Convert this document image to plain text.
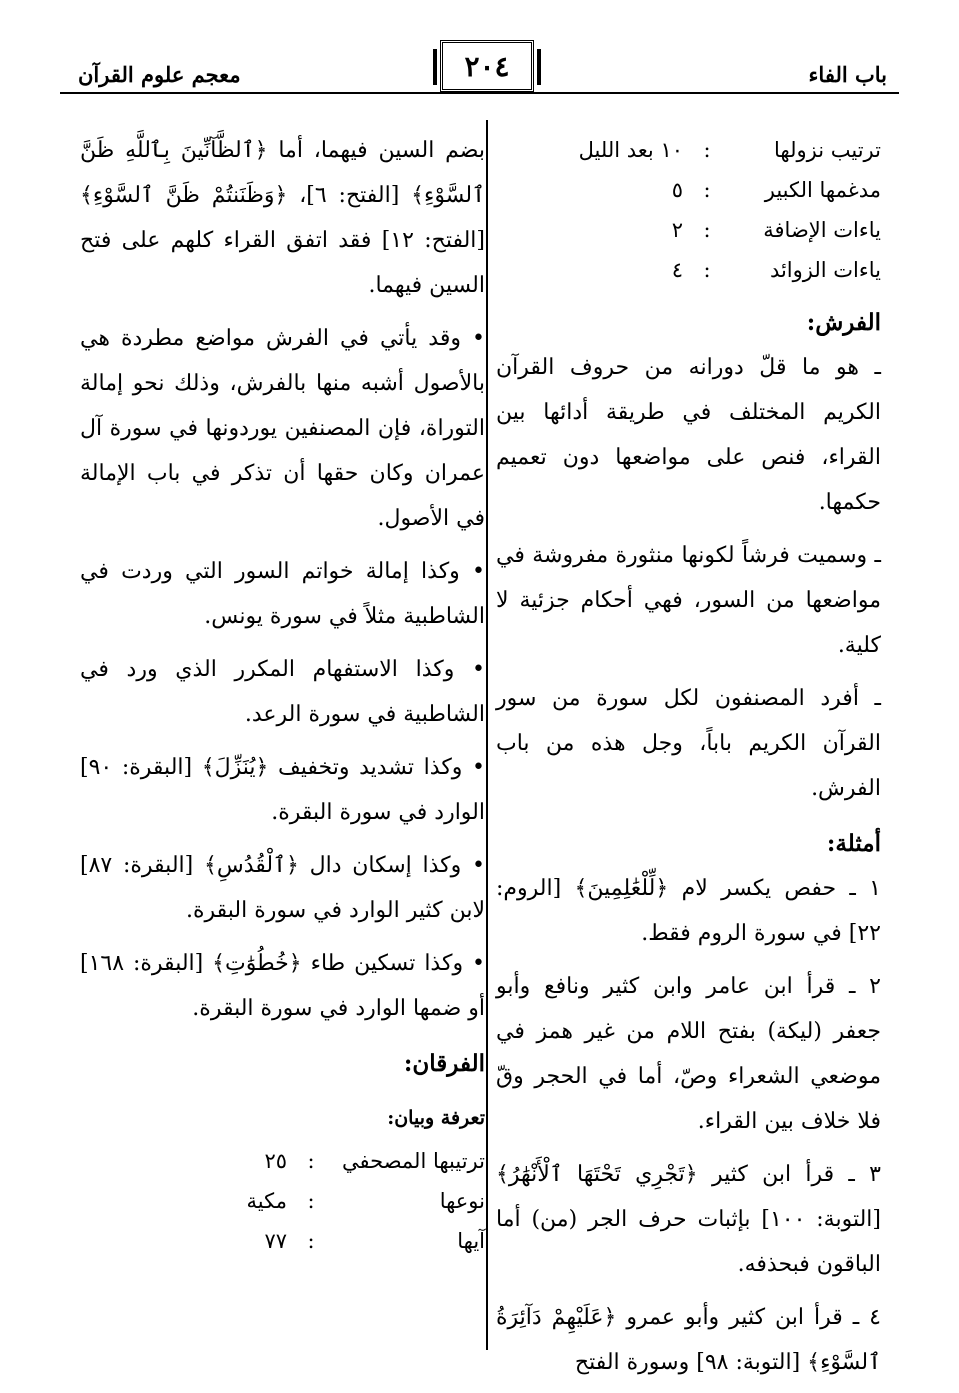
باب الفاء
٢٠٤
معجم علوم القرآن
ترتيب نزولها
:
١٠ بعد الليل
مدغمها الكبير
:
٥
ياءات الإضافة
:
٢
ياءات الزوائد
:
٤
الفرش:

ـ هو ما قلّ دورانه من حروف القرآن الكريم المختلف في طريقة أدائها بين القراء، فنص على مواضعها دون تعميم حكمها.

ـ وسميت فرشاً لكونها منثورة مفروشة في مواضعها من السور، فهي أحكام جزئية لا كلية.

ـ أفرد المصنفون لكل سورة من سور القرآن الكريم باباً، وجل هذه من باب الفرش.

أمثلة:

١ ـ حفص يكسر لام ﴿لِّلْعَٰلِمِينَ﴾ [الروم: ٢٢] في سورة الروم فقط.

٢ ـ قرأ ابن عامر وابن كثير ونافع وأبو جعفر (ليكة) بفتح اللام من غير همز في موضعي الشعراء وصّ، أما في الحجر وقّ فلا خلاف بين القراء.

٣ ـ قرأ ابن كثير ﴿تَجْرِي تَحْتَهَا ٱلْأَنْهَٰرُ﴾ [التوبة: ١٠٠] بإثبات حرف الجر (من) أما الباقون فبحذفه.

٤ ـ قرأ ابن كثير وأبو عمرو ﴿عَلَيْهِمْ دَآئِرَةُ ٱلسَّوْءِ﴾ [التوبة: ٩٨] وسورة الفتح

بضم السين فيهما، أما ﴿ٱلظَّآنِّينَ بِٱللَّهِ ظَنَّ ٱلسَّوْءِ﴾ [الفتح: ٦]، ﴿وَظَنَنتُمْ ظَنَّ ٱلسَّوْءِ﴾ [الفتح: ١٢] فقد اتفق القراء كلهم على فتح السين فيهما.

• وقد يأتي في الفرش مواضع مطردة هي بالأصول أشبه منها بالفرش، وذلك نحو إمالة التوراة، فإن المصنفين يوردونها في سورة آل عمران وكان حقها أن تذكر في باب الإمالة في الأصول.

• وكذا إمالة خواتم السور التي وردت في الشاطبية مثلاً في سورة يونس.

• وكذا الاستفهام المكرر الذي ورد في الشاطبية في سورة الرعد.

• وكذا تشديد وتخفيف ﴿يُنَزِّلَ﴾ [البقرة: ٩٠] الوارد في سورة البقرة.

• وكذا إسكان دال ﴿ٱلْقُدُسِ﴾ [البقرة: ٨٧] لابن كثير الوارد في سورة البقرة.

• وكذا تسكين طاء ﴿خُطُوَٰتِ﴾ [البقرة: ١٦٨] أو ضمها الوارد في سورة البقرة.

الفرقان:
تعرفة وبيان:
ترتيبها المصحفي
:
٢٥
نوعها
:
مكية
آيها
:
٧٧
